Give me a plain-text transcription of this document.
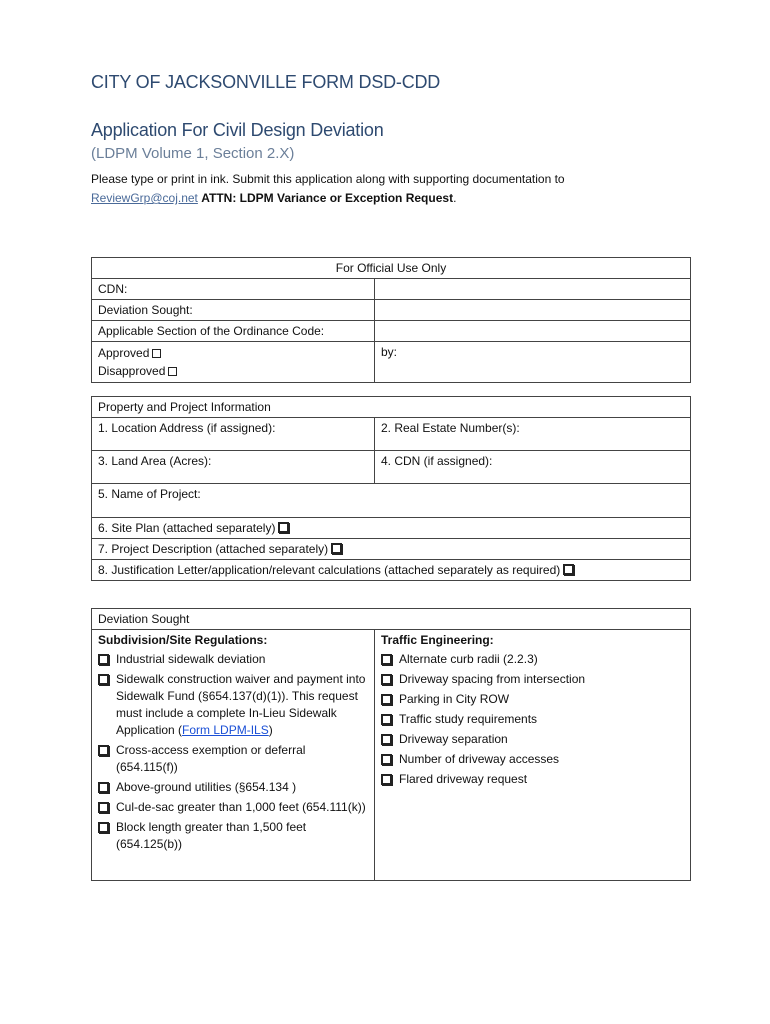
CITY OF JACKSONVILLE FORM DSD-CDD
Application For Civil Design Deviation
(LDPM Volume 1, Section 2.X)
Please type or print in ink. Submit this application along with supporting documentation to
ReviewGrp@coj.net ATTN: LDPM Variance or Exception Request.
For Official Use Only	
CDN:	
Deviation Sought:	
Applicable Section of the Ordinance Code:	
Approved
Disapproved	by:
Property and Project Information	
1. Location Address (if assigned):	2. Real Estate Number(s):
3. Land Area (Acres):	4. CDN (if assigned):
5. Name of Project:	
6. Site Plan (attached separately)	
7. Project Description (attached separately)	
8. Justification Letter/application/relevant calculations (attached separately as required)	
Deviation Sought

Subdivision/Site Regulations:
Industrial sidewalk deviation
Sidewalk construction waiver and payment into Sidewalk Fund (§654.137(d)(1)). This request must include a complete In-Lieu Sidewalk Application (Form LDPM-ILS)
Cross-access exemption or deferral (654.115(f))
Above-ground utilities (§654.134 )
Cul-de-sac greater than 1,000 feet (654.111(k))
Block length greater than 1,500 feet (654.125(b))

Traffic Engineering:
Alternate curb radii (2.2.3)
Driveway spacing from intersection
Parking in City ROW
Traffic study requirements
Driveway separation
Number of driveway accesses
Flared driveway request
